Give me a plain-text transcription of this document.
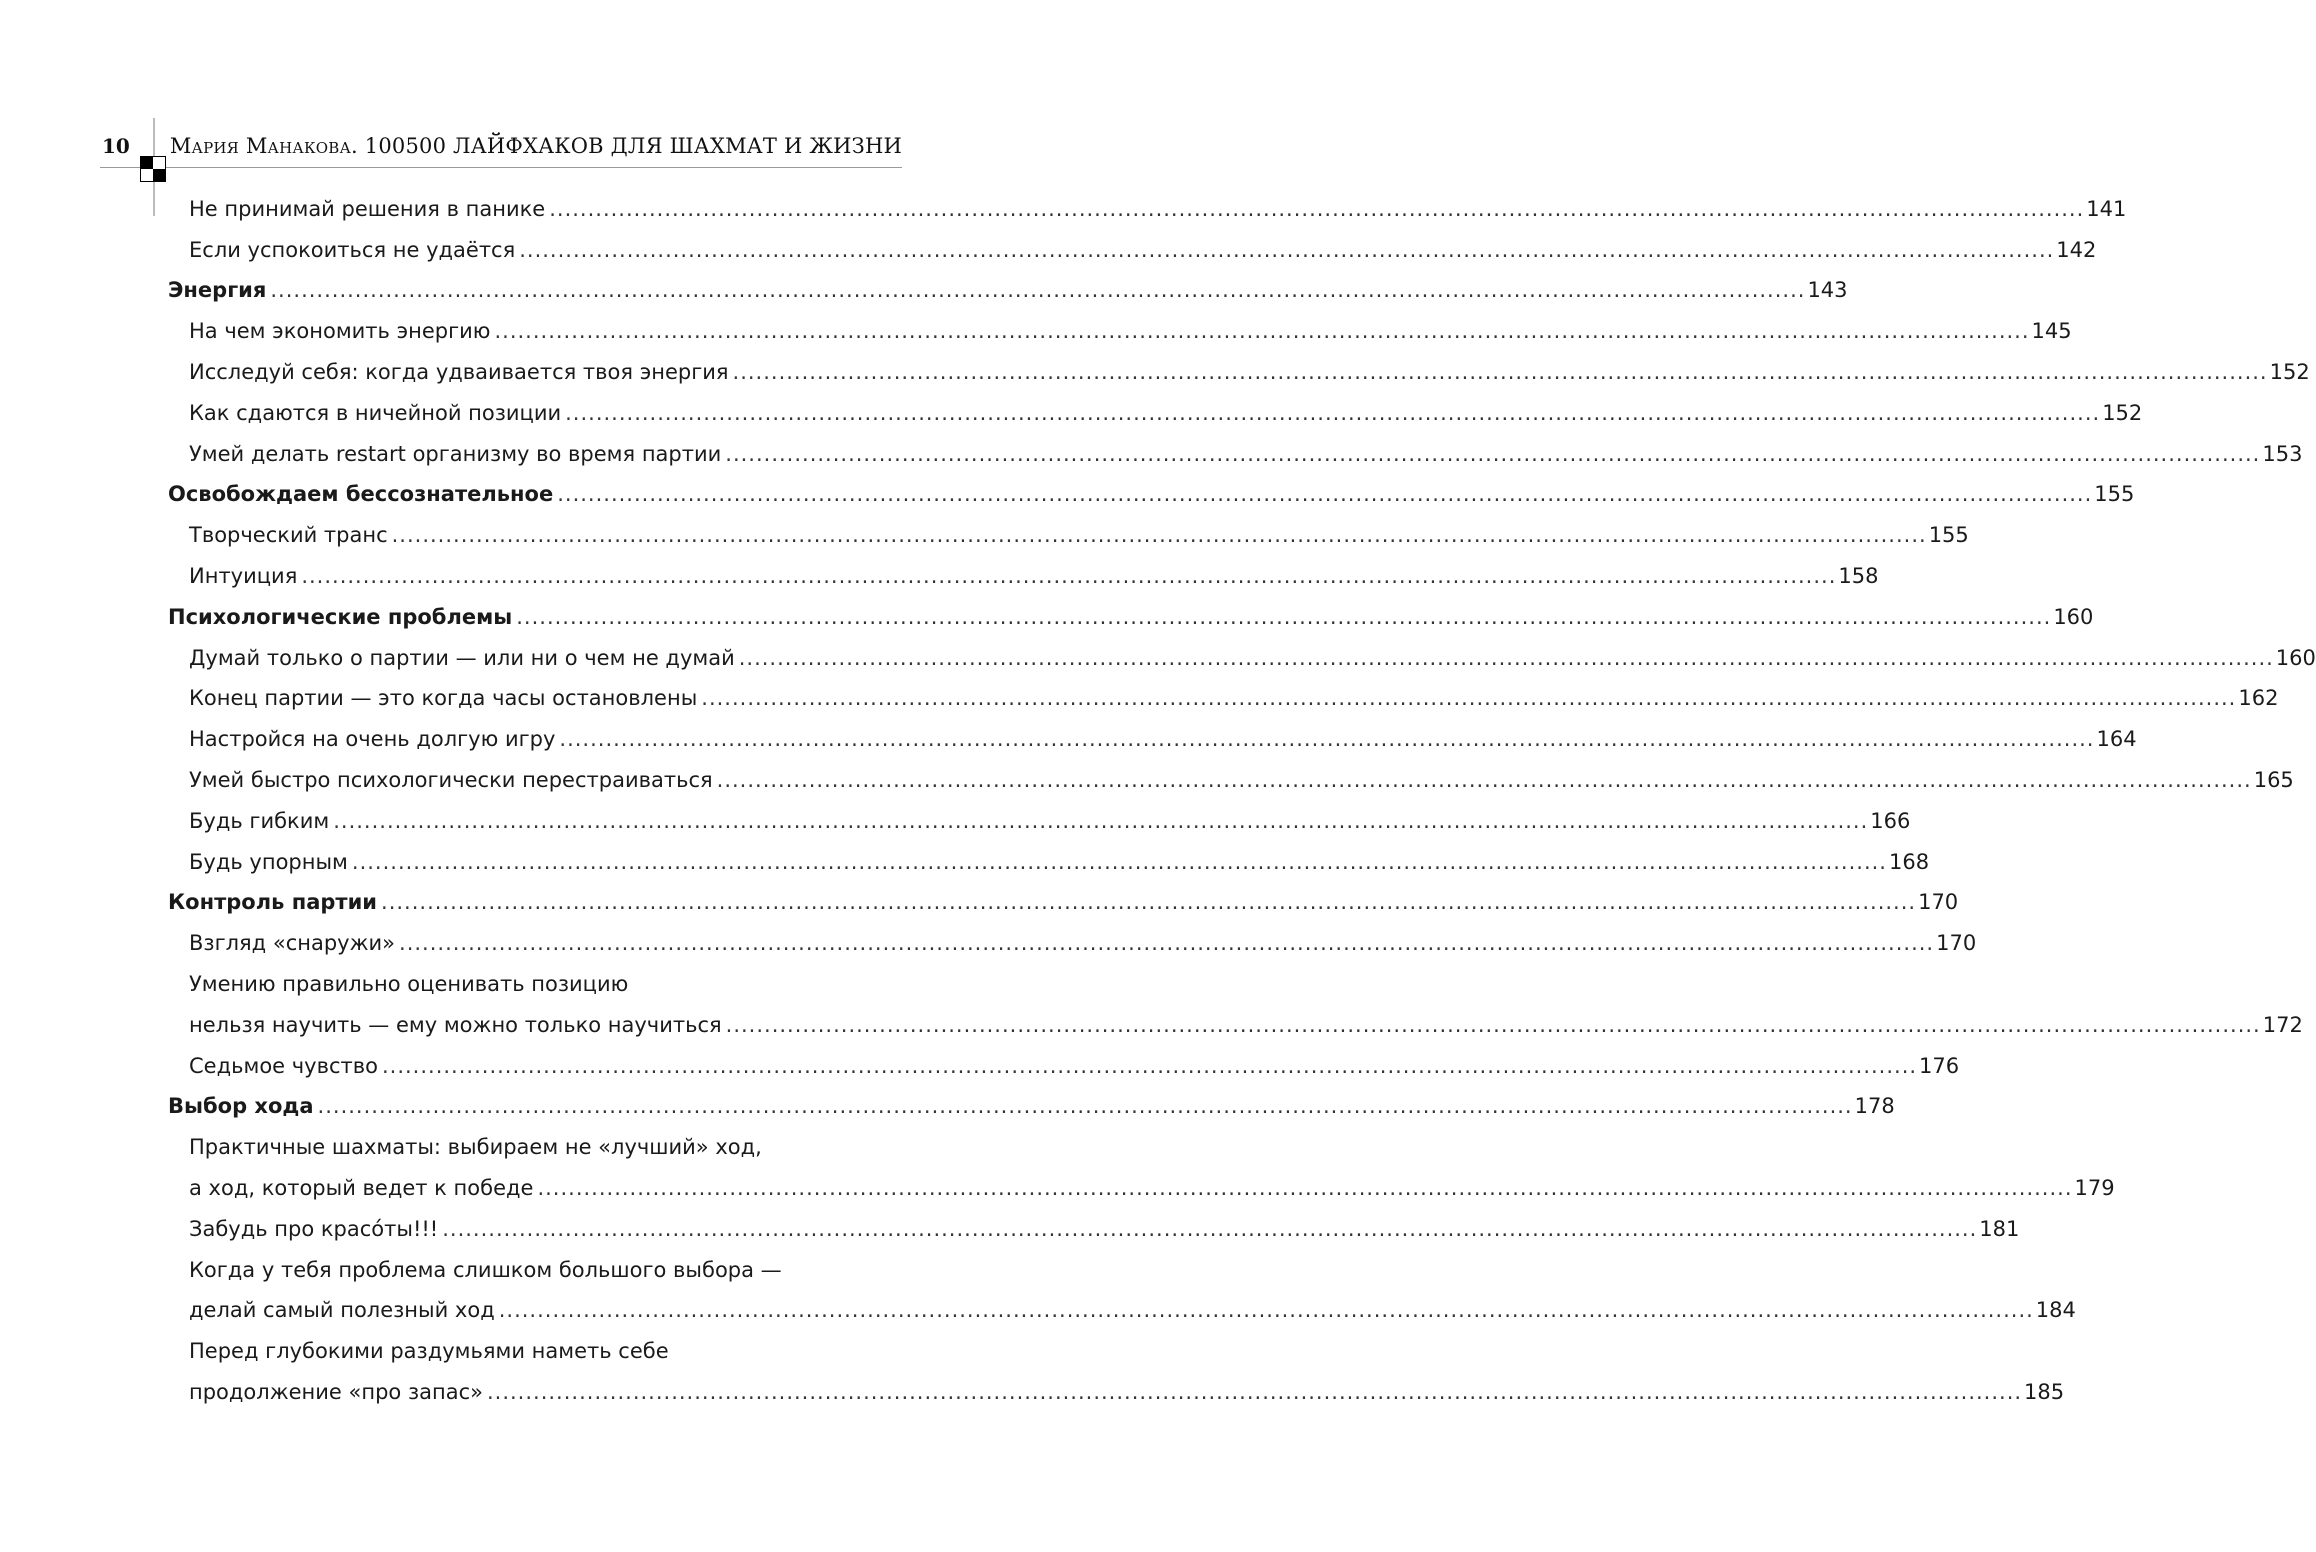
10 Мария Манакова. 100500 ЛАЙФХАКОВ ДЛЯ ШАХМАТ И ЖИЗНИ
Не принимай решения в панике ........................................................................................................................................................................................................ 141
Если успокоиться не удаётся ........................................................................................................................................................................................................ 142
Энергия ........................................................................................................................................................................................................ 143
На чем экономить энергию ........................................................................................................................................................................................................ 145
Исследуй себя: когда удваивается твоя энергия ........................................................................................................................................................................................................ 152
Как сдаются в ничейной позиции ........................................................................................................................................................................................................ 152
Умей делать restart организму во время партии ........................................................................................................................................................................................................ 153
Освобождаем бессознательное ........................................................................................................................................................................................................ 155
Творческий транс ........................................................................................................................................................................................................ 155
Интуиция ........................................................................................................................................................................................................ 158
Психологические проблемы ........................................................................................................................................................................................................ 160
Думай только о партии — или ни о чем не думай ........................................................................................................................................................................................................ 160
Конец партии — это когда часы остановлены ........................................................................................................................................................................................................ 162
Настройся на очень долгую игру ........................................................................................................................................................................................................ 164
Умей быстро психологически перестраиваться ........................................................................................................................................................................................................ 165
Будь гибким ........................................................................................................................................................................................................ 166
Будь упорным ........................................................................................................................................................................................................ 168
Контроль партии ........................................................................................................................................................................................................ 170
Взгляд «снаружи» ........................................................................................................................................................................................................ 170
Умению правильно оценивать позицию
нельзя научить — ему можно только научиться ........................................................................................................................................................................................................ 172
Седьмое чувство ........................................................................................................................................................................................................ 176
Выбор хода ........................................................................................................................................................................................................ 178
Практичные шахматы: выбираем не «лучший» ход,
а ход, который ведет к победе ........................................................................................................................................................................................................ 179
Забудь про красóты!!! ........................................................................................................................................................................................................ 181
Когда у тебя проблема слишком большого выбора —
делай самый полезный ход ........................................................................................................................................................................................................ 184
Перед глубокими раздумьями наметь себе
продолжение «про запас» ........................................................................................................................................................................................................ 185
